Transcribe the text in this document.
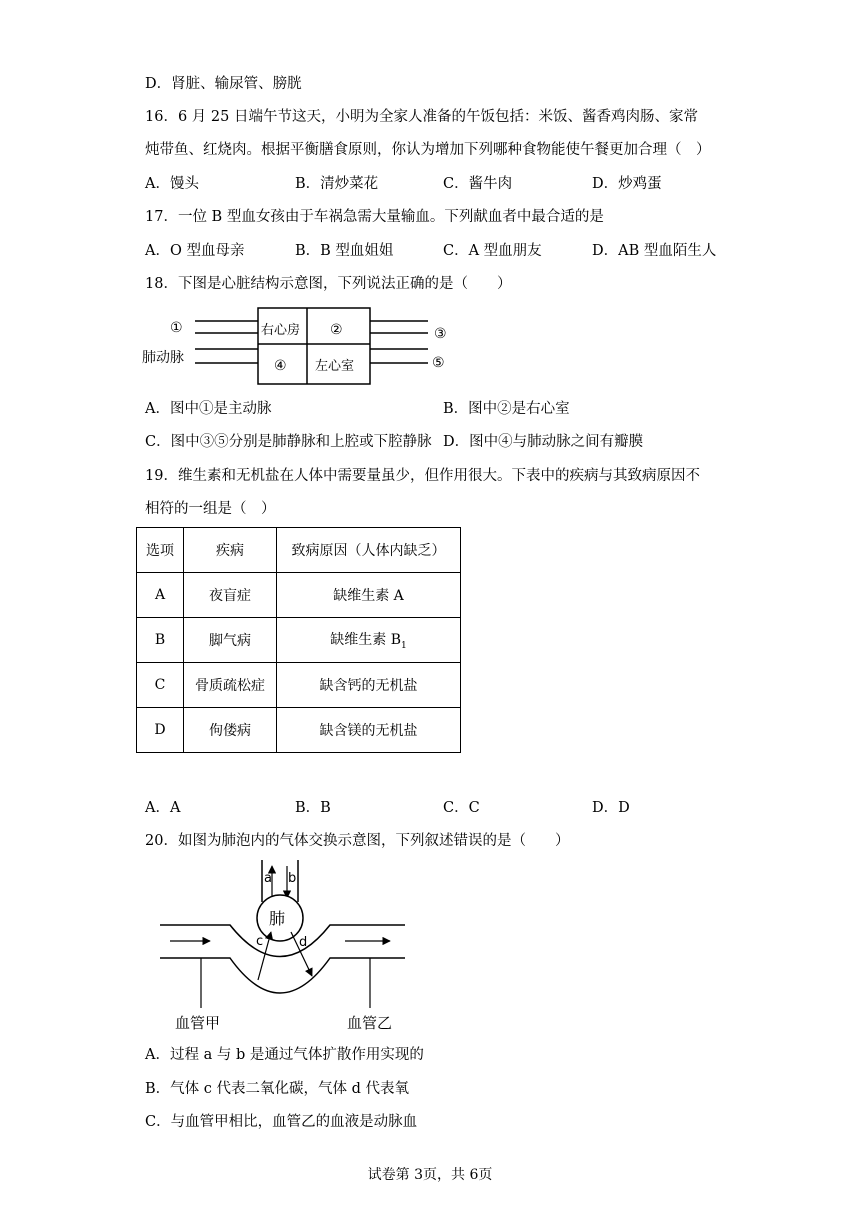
D．肾脏、输尿管、膀胱
16．6 月 25 日端午节这天，小明为全家人准备的午饭包括：米饭、酱香鸡肉肠、家常
炖带鱼、红烧肉。根据平衡膳食原则，你认为增加下列哪种食物能使午餐更加合理（　）
A．馒头	B．清炒菜花	C．酱牛肉	D．炒鸡蛋
17．一位 B 型血女孩由于车祸急需大量输血。下列献血者中最合适的是
A．O 型血母亲	B．B 型血姐姐	C．A 型血朋友	D．AB 型血陌生人
18．下图是心脏结构示意图，下列说法正确的是（　　）
①
肺动脉
右心房 ②
④ 左心室
③
⑤
A．图中①是主动脉	B．图中②是右心室
C．图中③⑤分别是肺静脉和上腔或下腔静脉 D．图中④与肺动脉之间有瓣膜
19．维生素和无机盐在人体中需要量虽少，但作用很大。下表中的疾病与其致病原因不
相符的一组是（　）
选项	疾病	致病原因（人体内缺乏）
A	夜盲症	缺维生素 A
B	脚气病	缺维生素 $B_1$
C	骨质疏松症	缺含钙的无机盐
D	佝偻病	缺含镁的无机盐
A．A	B．B	C．C	D．D
20．如图为肺泡内的气体交换示意图，下列叙述错误的是（　　）
a b
肺
c	d
血管甲	血管乙
A．过程 a 与 b 是通过气体扩散作用实现的
B．气体 c 代表二氧化碳，气体 d 代表氧
C．与血管甲相比，血管乙的血液是动脉血
试卷第 3页，共 6页
